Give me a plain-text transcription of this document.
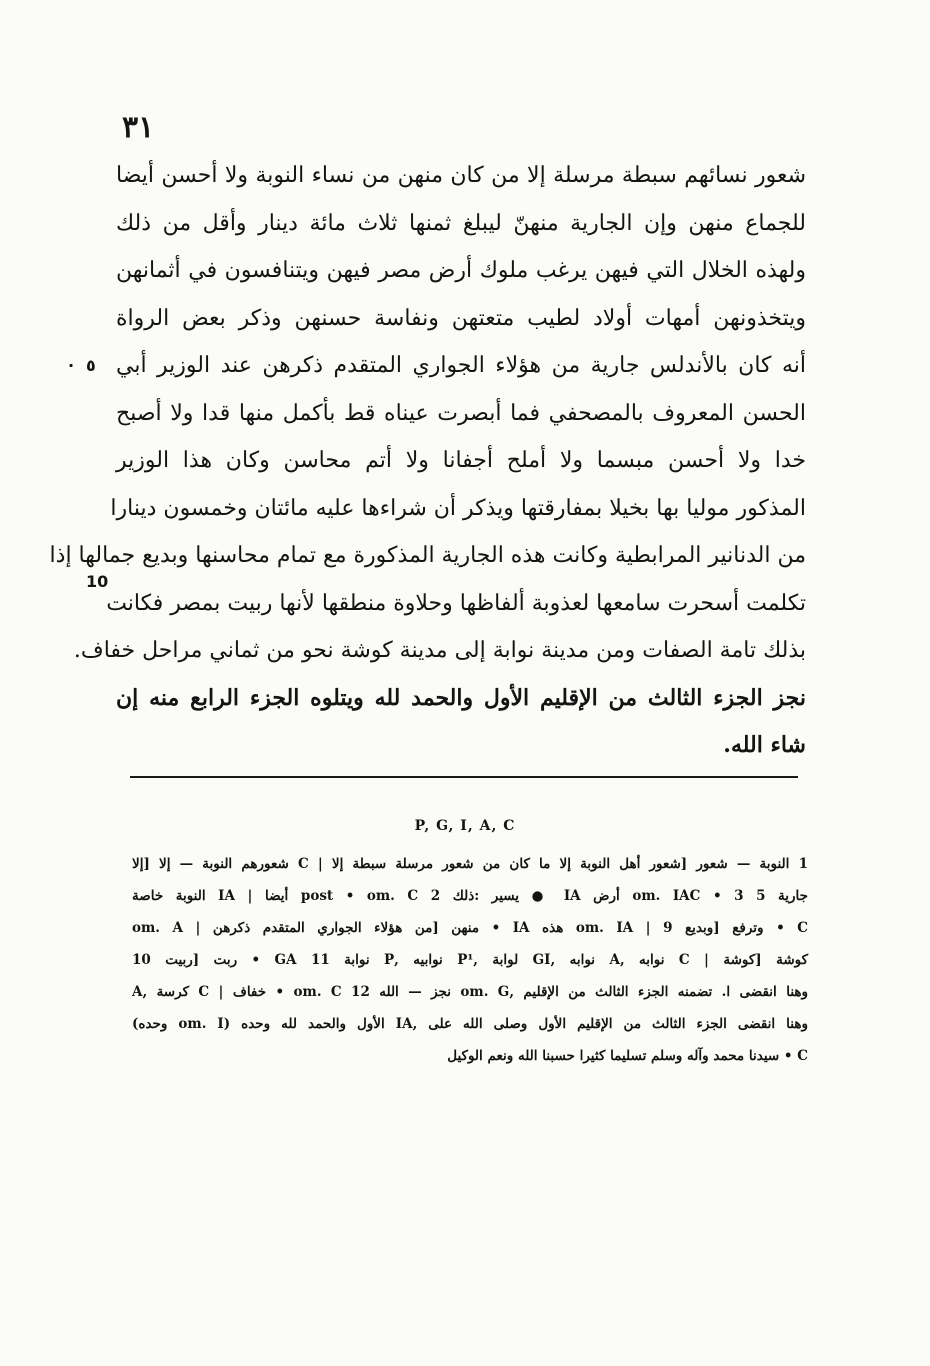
٣١
شعور نسائهم سبطة مرسلة إلا من كان منهن من نساء النوبة ولا أحسن أيضا
للجماع منهن وإن الجارية منهنّ ليبلغ ثمنها ثلاث مائة دينار وأقل من ذلك
ولهذه الخلال التي فيهن يرغب ملوك أرض مصر فيهن ويتنافسون في أثمانهن
ويتخذونهن أمهات أولاد لطيب متعتهن ونفاسة حسنهن وذكر بعض الرواة
أنه كان بالأندلس جارية من هؤلاء الجواري المتقدم ذكرهن عند الوزير أبي
الحسن المعروف بالمصحفي فما أبصرت عيناه قط بأكمل منها قدا ولا أصبح
خدا ولا أحسن مبسما ولا أملح أجفانا ولا أتم محاسن وكان هذا الوزير
المذكور موليا بها بخيلا بمفارقتها ويذكر أن شراءها عليه مائتان وخمسون دينارا
من الدنانير المرابطية وكانت هذه الجارية المذكورة مع تمام محاسنها وبديع جمالها إذا
تكلمت أسحرت سامعها لعذوبة ألفاظها وحلاوة منطقها لأنها ربيت بمصر فكانت
بذلك تامة الصفات ومن مدينة نوابة إلى مدينة كوشة نحو من ثماني مراحل خفاف.
نجز الجزء الثالث من الإقليم الأول والحمد لله ويتلوه الجزء الرابع منه إن
شاء الله.
٥
·
10
P, G, I, A, C
1 النوبة — شعور [شعور أهل النوبة إلا ما كان من شعور مرسلة سبطة إلا | C شعورهم النوبة — إلا [إلا
جارية 5 om. IAC • 3 أرض IA ● يسير :ذلك 2 post • om. C أيضا | IA النوبة خاصة
C • وترفع [وبديع om. IA | 9 هذه IA • منهن [من هؤلاء الجواري المتقدم ذكرهن | om. A
كوشة [كوشة | C نوابه ,A نوابه ,GI لوابة ,P¹ نوابيه ,P نوابة 11 GA • ربت [ربيت 10
وهنا انقضى ا. تضمنه الجزء الثالث من الإقليم ,om. G نجز — الله 12 om. C • خفاف | C كرسة ,A
وهنا انقضى الجزء الثالث من الإقليم الأول وصلى الله على ,IA الأول والحمد لله وحده (om. I وحده)
C • سيدنا محمد وآله وسلم تسليما كثيرا حسبنا الله ونعم الوكيل
